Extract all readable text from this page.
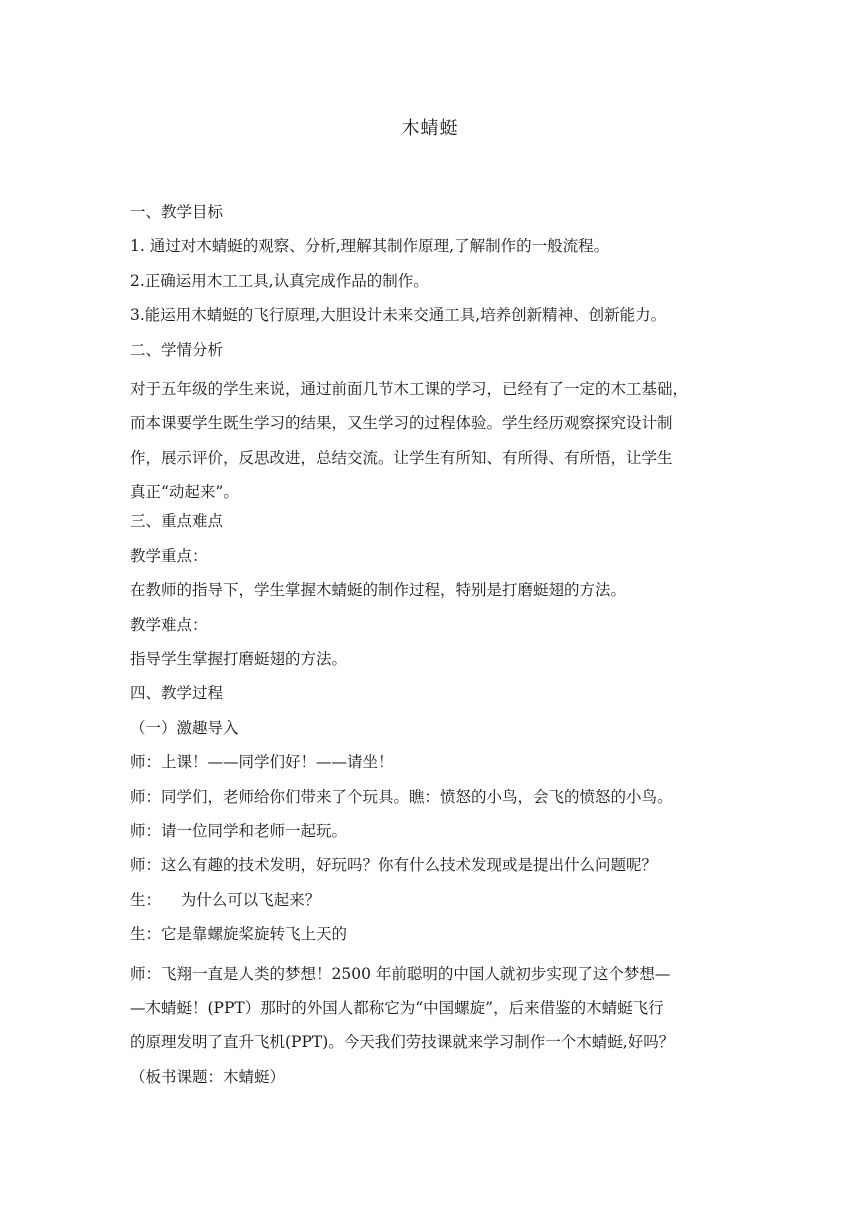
木蜻蜓
一、教学目标
1. 通过对木蜻蜓的观察、分析,理解其制作原理,了解制作的一般流程。
2.正确运用木工工具,认真完成作品的制作。
3.能运用木蜻蜓的飞行原理,大胆设计未来交通工具,培养创新精神、创新能力。
二、学情分析
对于五年级的学生来说，通过前面几节木工课的学习，已经有了一定的木工基础，
而本课要学生既生学习的结果，又生学习的过程体验。学生经历观察探究设计制
作，展示评价，反思改进，总结交流。让学生有所知、有所得、有所悟，让学生
真正“动起来”。
三、重点难点
教学重点：
在教师的指导下，学生掌握木蜻蜓的制作过程，特别是打磨蜓翅的方法。
教学难点：
指导学生掌握打磨蜓翅的方法。
四、教学过程
（一）激趣导入
师：上课！——同学们好！——请坐！
师：同学们，老师给你们带来了个玩具。瞧：愤怒的小鸟，会飞的愤怒的小鸟。
师：请一位同学和老师一起玩。
师：这么有趣的技术发明，好玩吗？你有什么技术发现或是提出什么问题呢？
生：    为什么可以飞起来？
生：它是靠螺旋桨旋转飞上天的
师：飞翔一直是人类的梦想！2500 年前聪明的中国人就初步实现了这个梦想—
—木蜻蜓！(PPT）那时的外国人都称它为“中国螺旋”，后来借鉴的木蜻蜓飞行
的原理发明了直升飞机(PPT)。今天我们劳技课就来学习制作一个木蜻蜓,好吗？
（板书课题：木蜻蜓）
